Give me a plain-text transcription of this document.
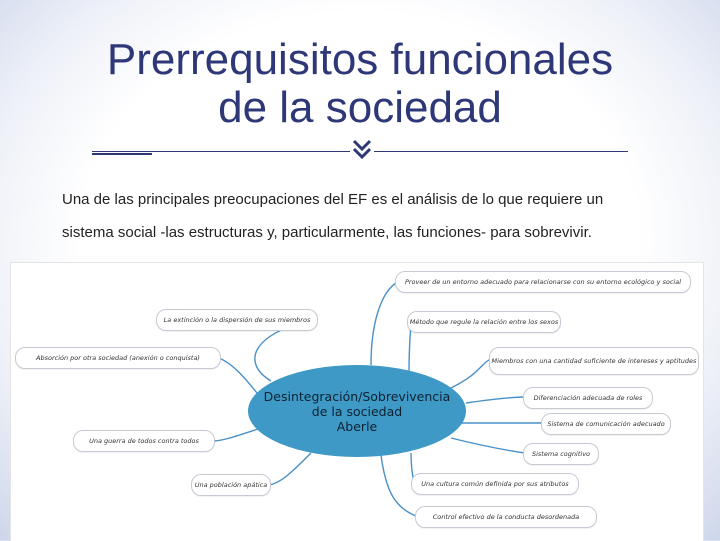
Prerrequisitos funcionales
de la sociedad
Una de las principales preocupaciones del EF es el análisis de lo que requiere un
sistema social -las estructuras y, particularmente, las funciones- para sobrevivir.
La extinción o la dispersión de sus miembros
Absorción por otra sociedad (anexión o conquista)
Una guerra de todos contra todos
Una población apática
Desintegración/Sobrevivencia
de la sociedad
Aberle
Proveer de un entorno adecuado para relacionarse con su entorno ecológico y social
Método que regule la relación entre los sexos
Miembros con una cantidad suficiente de intereses y aptitudes
Diferenciación adecuada de roles
Sistema de comunicación adecuado
Sistema cognitivo
Una cultura común definida por sus atributos
Control efectivo de la conducta desordenada
